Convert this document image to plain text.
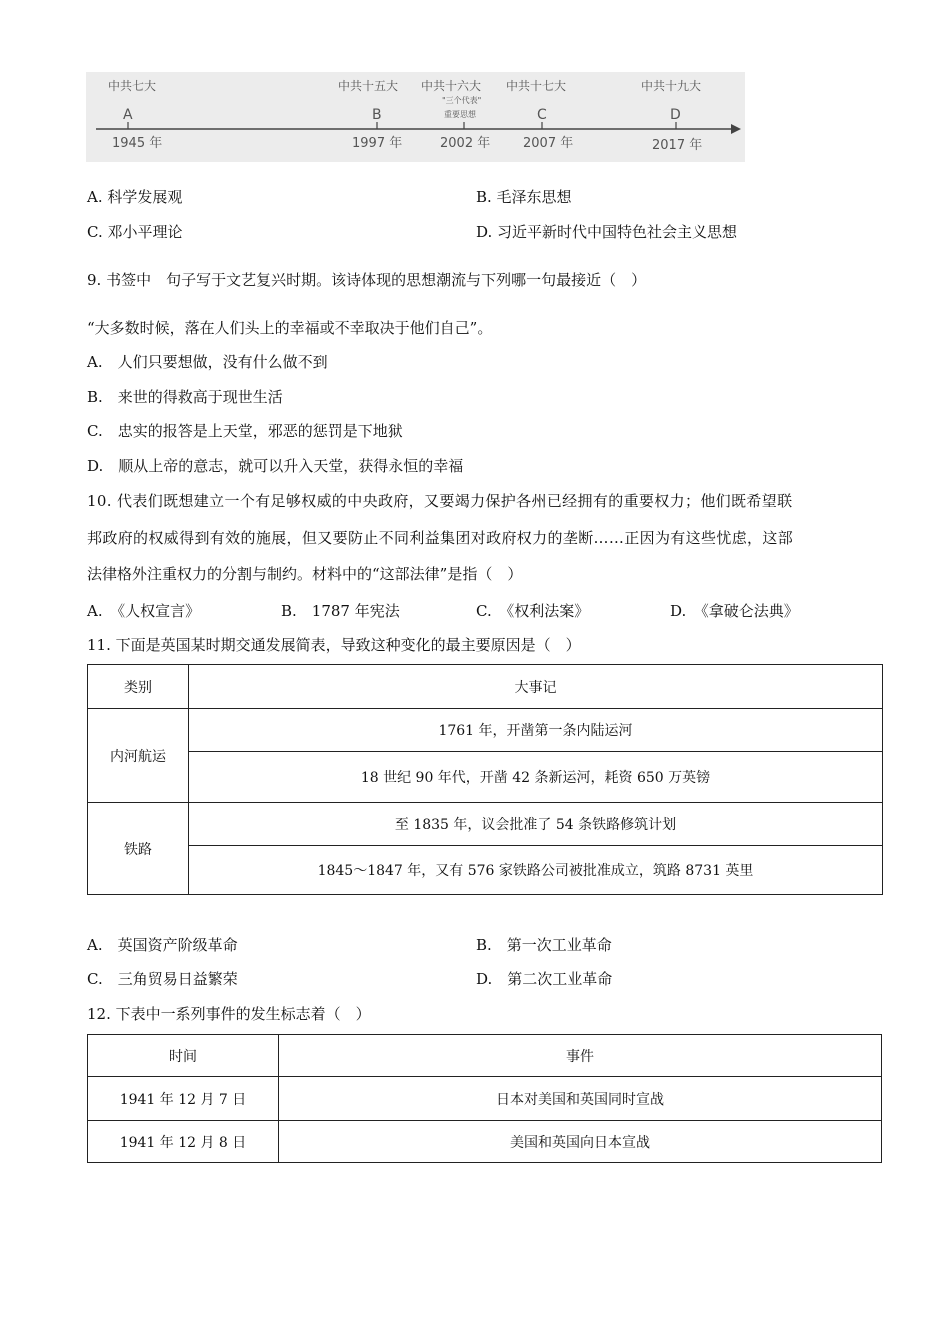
中共七大
A
1945 年
中共十五大
B
1997 年
中共十六大
"三个代表"
重要思想
2002 年
中共十七大
C
2007 年
中共十九大
D
2017 年
A. 科学发展观	B. 毛泽东思想
C. 邓小平理论	D. 习近平新时代中国特色社会主义思想
9. 书签中　句子写于文艺复兴时期。该诗体现的思想潮流与下列哪一句最接近（　）
“大多数时候，落在人们头上的幸福或不幸取决于他们自己”。
A.　人们只要想做，没有什么做不到
B.　来世的得救高于现世生活
C.　忠实的报答是上天堂，邪恶的惩罚是下地狱
D.　顺从上帝的意志，就可以升入天堂，获得永恒的幸福
10. 代表们既想建立一个有足够权威的中央政府，又要竭力保护各州已经拥有的重要权力；他们既希望联
邦政府的权威得到有效的施展，但又要防止不同利益集团对政府权力的垄断……正因为有这些忧虑，这部
法律格外注重权力的分割与制约。材料中的“这部法律”是指（　）
A.　《人权宣言》	B.　1787 年宪法	C.　《权利法案》	D.　《拿破仑法典》
11. 下面是英国某时期交通发展简表，导致这种变化的最主要原因是（　）
类别	大事记
内河航运	1761 年，开凿第一条内陆运河
	18 世纪 90 年代，开凿 42 条新运河，耗资 650 万英镑
铁路	至 1835 年，议会批准了 54 条铁路修筑计划
	1845～1847 年，又有 576 家铁路公司被批准成立，筑路 8731 英里
A.　英国资产阶级革命	B.　第一次工业革命
C.　三角贸易日益繁荣	D.　第二次工业革命
12. 下表中一系列事件的发生标志着（　）
时间	事件
1941 年 12 月 7 日	日本对美国和英国同时宣战
1941 年 12 月 8 日	美国和英国向日本宣战
